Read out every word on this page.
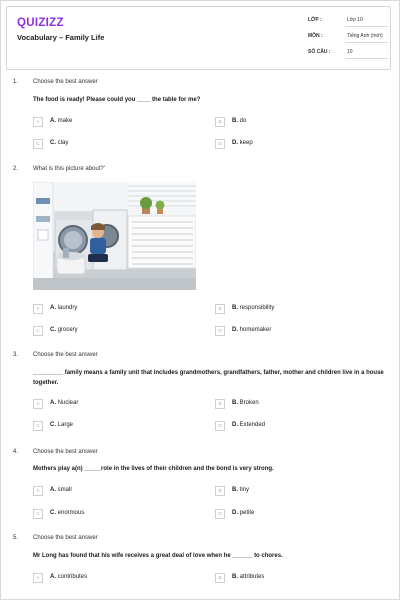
QUIZIZZ
Vocabulary – Family Life
LỚP :	Lớp 10
MÔN :	Tiếng Anh (mới)
SỐ CÂU :	10
1. Choose the best answer
The food is ready! Please could you ____ the table for me?
A	A. make	B	B. do
C	C. clay	D	D. keep
2. What is this picture about?'
A	A. laundry	B	B. responsibility
C	C. grocery	D	D. homemaker
3. Choose the best answer
_________ family means a family unit that includes grandmothers, grandfathers, father, mother and children live in a house together.
A	A. Nuclear	B	B. Broken
C	C. Large	D	D. Extended
4. Choose the best answer
Mothers play a(n) _____role in the lives of their children and the bond is very strong.
A	A. small	B	B. tiny
C	C. enormous	D	D. petite
5. Choose the best answer
Mr Long has found that his wife receives a great deal of love when he ______ to chores.
A	A. contributes	B	B. attributes
